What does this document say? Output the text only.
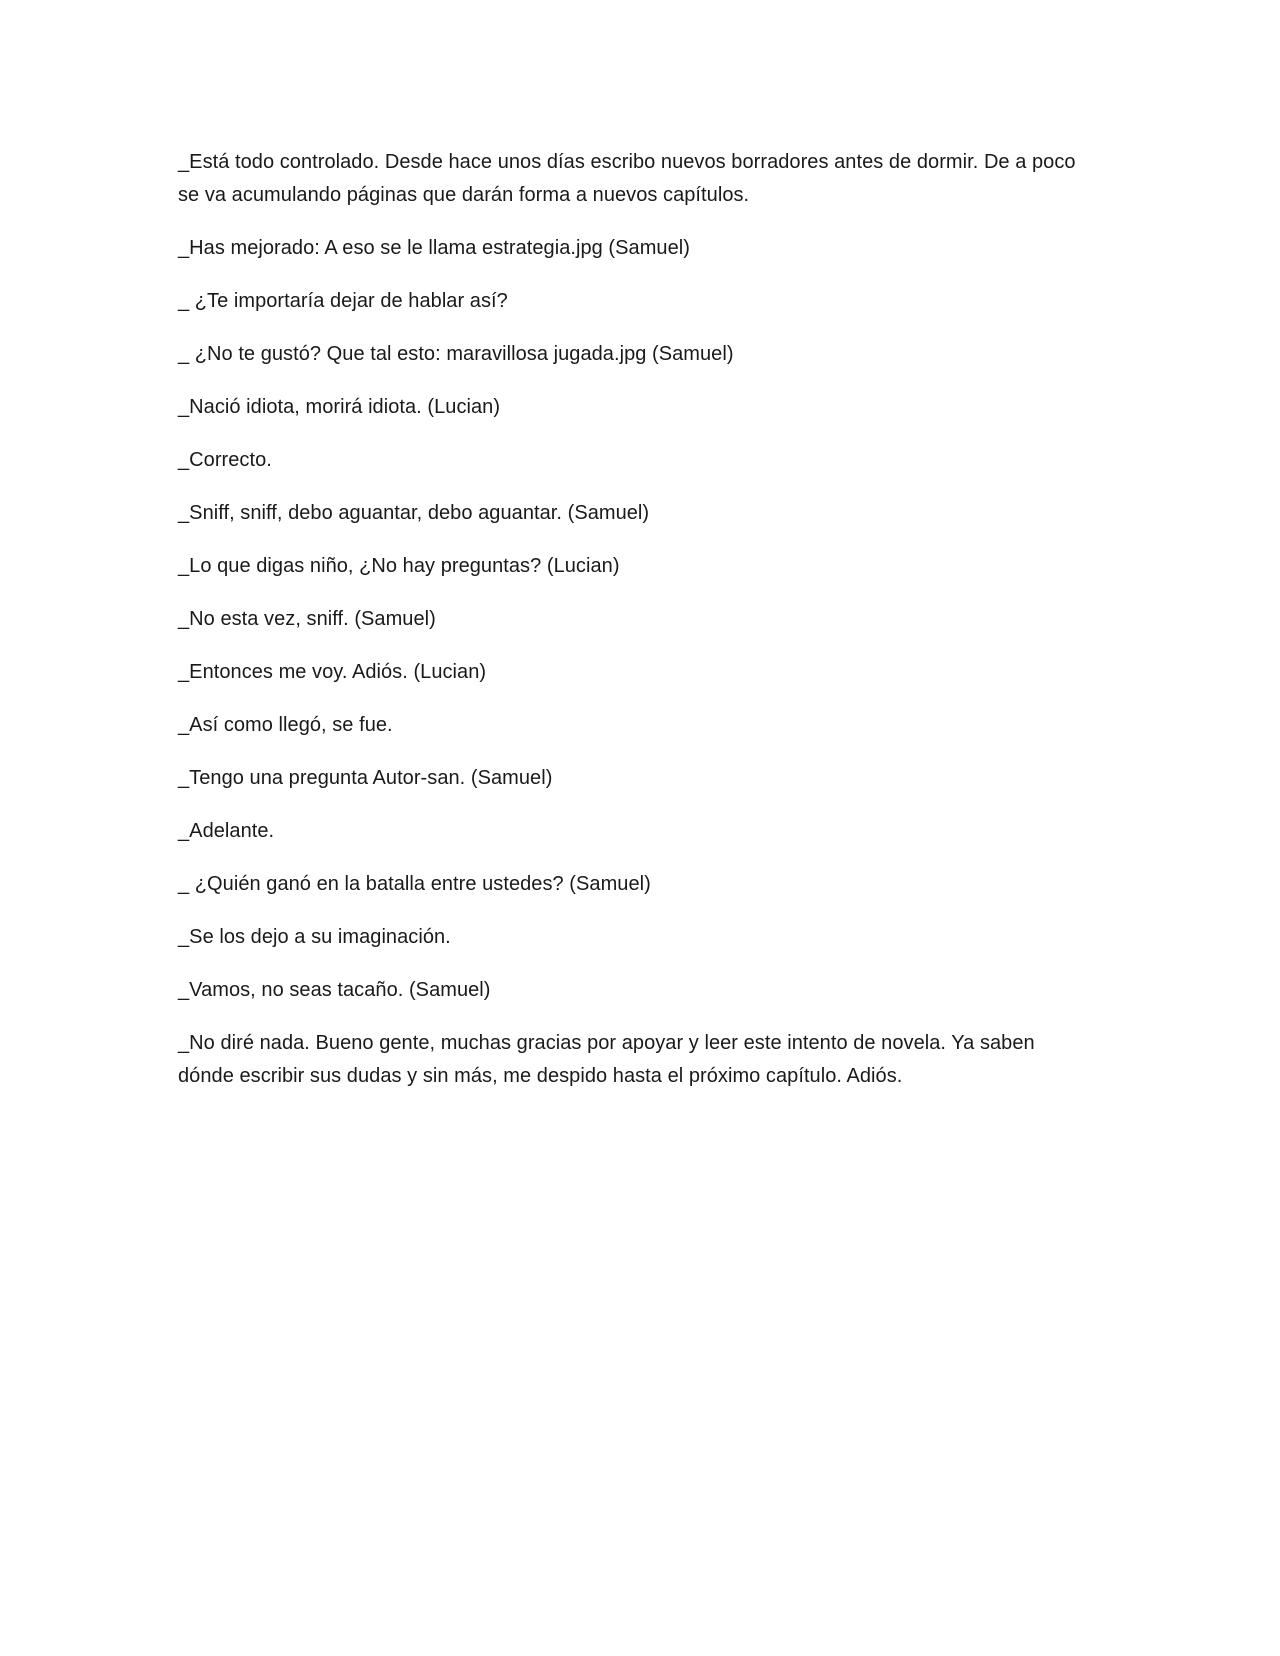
_Está todo controlado. Desde hace unos días escribo nuevos borradores antes de dormir. De a poco se va acumulando páginas que darán forma a nuevos capítulos.

_Has mejorado: A eso se le llama estrategia.jpg (Samuel)

_ ¿Te importaría dejar de hablar así?

_ ¿No te gustó? Que tal esto: maravillosa jugada.jpg (Samuel)

_Nació idiota, morirá idiota. (Lucian)

_Correcto.

_Sniff, sniff, debo aguantar, debo aguantar. (Samuel)

_Lo que digas niño, ¿No hay preguntas? (Lucian)

_No esta vez, sniff. (Samuel)

_Entonces me voy. Adiós. (Lucian)

_Así como llegó, se fue.

_Tengo una pregunta Autor-san. (Samuel)

_Adelante.

_ ¿Quién ganó en la batalla entre ustedes? (Samuel)

_Se los dejo a su imaginación.

_Vamos, no seas tacaño. (Samuel)

_No diré nada. Bueno gente, muchas gracias por apoyar y leer este intento de novela. Ya saben dónde escribir sus dudas y sin más, me despido hasta el próximo capítulo. Adiós.
